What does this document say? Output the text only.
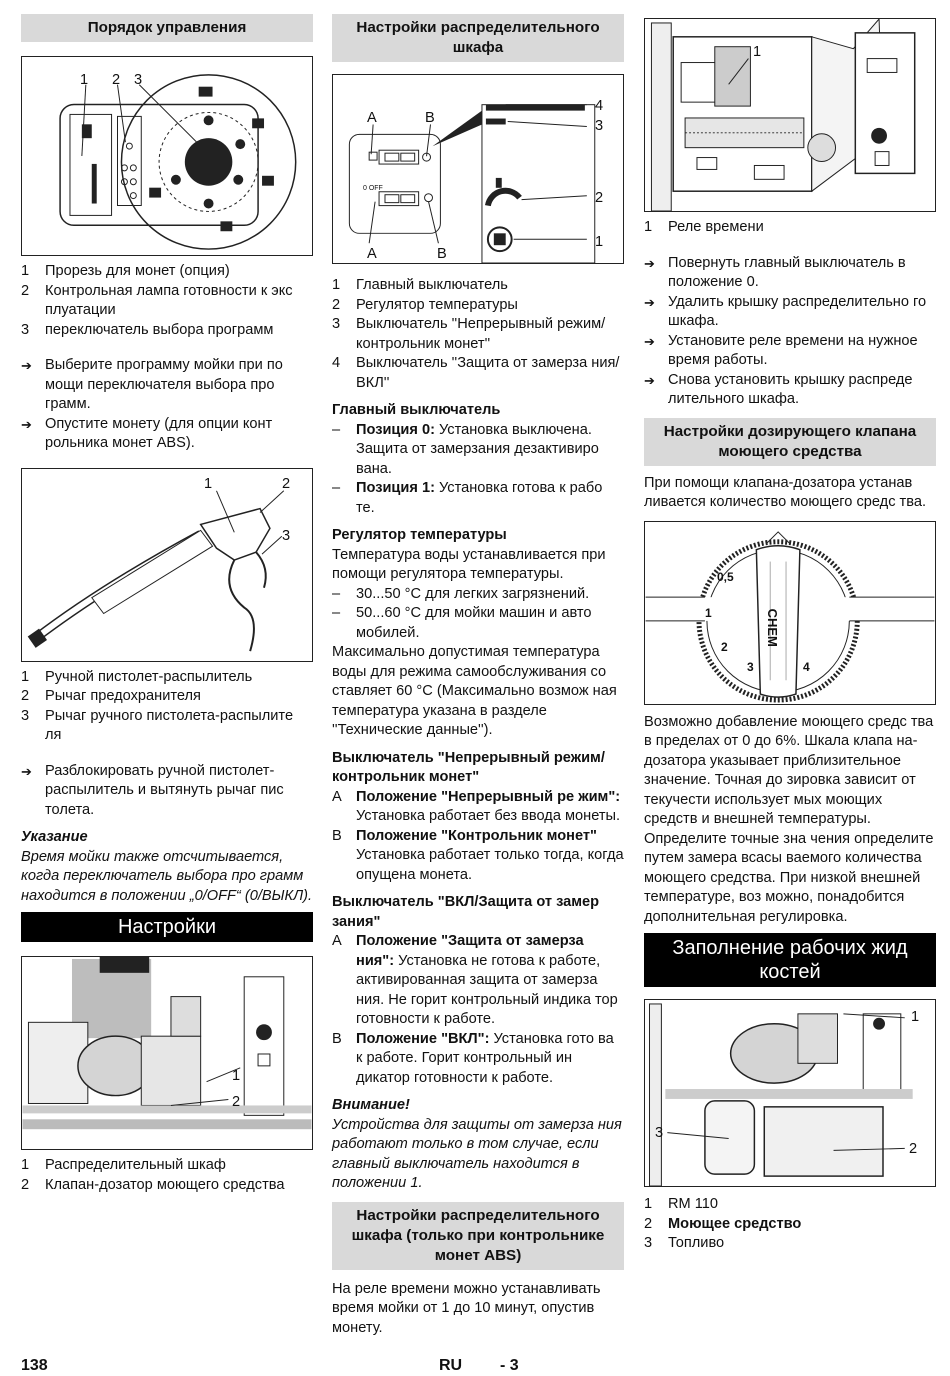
Порядок управления
1 2 3
1	Прорезь для монет (опция)
2	Контрольная лампа готовности к экс плуатации
3	переключатель выбора программ
➔ Выберите программу мойки при по мощи переключателя выбора про грамм.
➔ Опустите монету (для опции конт рольника монет ABS).
1	2
3
1	Ручной пистолет-распылитель
2	Рычаг предохранителя
3	Рычаг ручного пистолета-распылите ля
➔ Разблокировать ручной пистолет-распылитель и вытянуть рычаг пис толета.
Указание
Время мойки также отсчитывается, когда переключатель выбора про грамм находится в положении „0/OFF“ (0/ВЫКЛ).
Настройки
1
2
1	Распределительный шкаф
2	Клапан-дозатор моющего средства
Настройки распределительного шкафа
A	B
A	B
0 OFF
4
3
2
1
1	Главный выключатель
2	Регулятор температуры
3	Выключатель ''Непрерывный режим/ контрольник монет''
4	Выключатель ''Защита от замерза ния/ВКЛ''
Главный выключатель
–	Позиция 0: Установка выключена. Защита от замерзания дезактивиро вана.
–	Позиция 1: Установка готова к рабо те.
Регулятор температуры
Температура воды устанавливается при помощи регулятора температуры.
–	30...50 °C для легких загрязнений.
–	50...60 °C для мойки машин и авто мобилей.
Максимально допустимая температура воды для режима самообслуживания со ставляет 60 °C (Максимально возмож ная температура указана в разделе ''Технические данные'').
Выключатель "Непрерывный режим/ контрольник монет"
A Положение "Непрерывный ре жим": Установка работает без ввода монеты.
B Положение "Контрольник монет" Установка работает только тогда, когда опущена монета.
Выключатель "ВКЛ/Защита от замер зания"
A Положение "Защита от замерза ния": Установка не готова к работе, активированная защита от замерза ния. Не горит контрольный индика тор готовности к работе.
B Положение "ВКЛ": Установка гото ва к работе. Горит контрольный ин дикатор готовности к работе.
Внимание!
Устройства для защиты от замерза ния работают только в том случае, если главный выключатель находится в положении 1.
Настройки распределительного шкафа (только при контрольнике монет ABS)
На реле времени можно устанавливать время мойки от 1 до 10 минут, опустив монету.
1
1	Реле времени
➔ Повернуть главный выключатель в положение 0.
➔ Удалить крышку распределительно го шкафа.
➔ Установите реле времени на нужное время работы.
➔ Снова установить крышку распреде лительного шкафа.
Настройки дозирующего клапана моющего средства
При помощи клапана-дозатора устанав ливается количество моющего средс тва.
0,5
1
2
3	4
CHEM
Возможно добавление моющего средс тва в пределах от 0 до 6%. Шкала клапа на-дозатора указывает приблизительное значение. Точная до зировка зависит от текучести использует мых моющих средств и внешней температуры. Определите точные зна чения определите путем замера всасы ваемого количества моющего средства. При низкой внешней температуре, воз можно, понадобится дополнительная регулировка.
Заполнение рабочих жид костей
1
2
3
1	RM 110
2	Моющее средство
3	Топливо
138	RU - 3
